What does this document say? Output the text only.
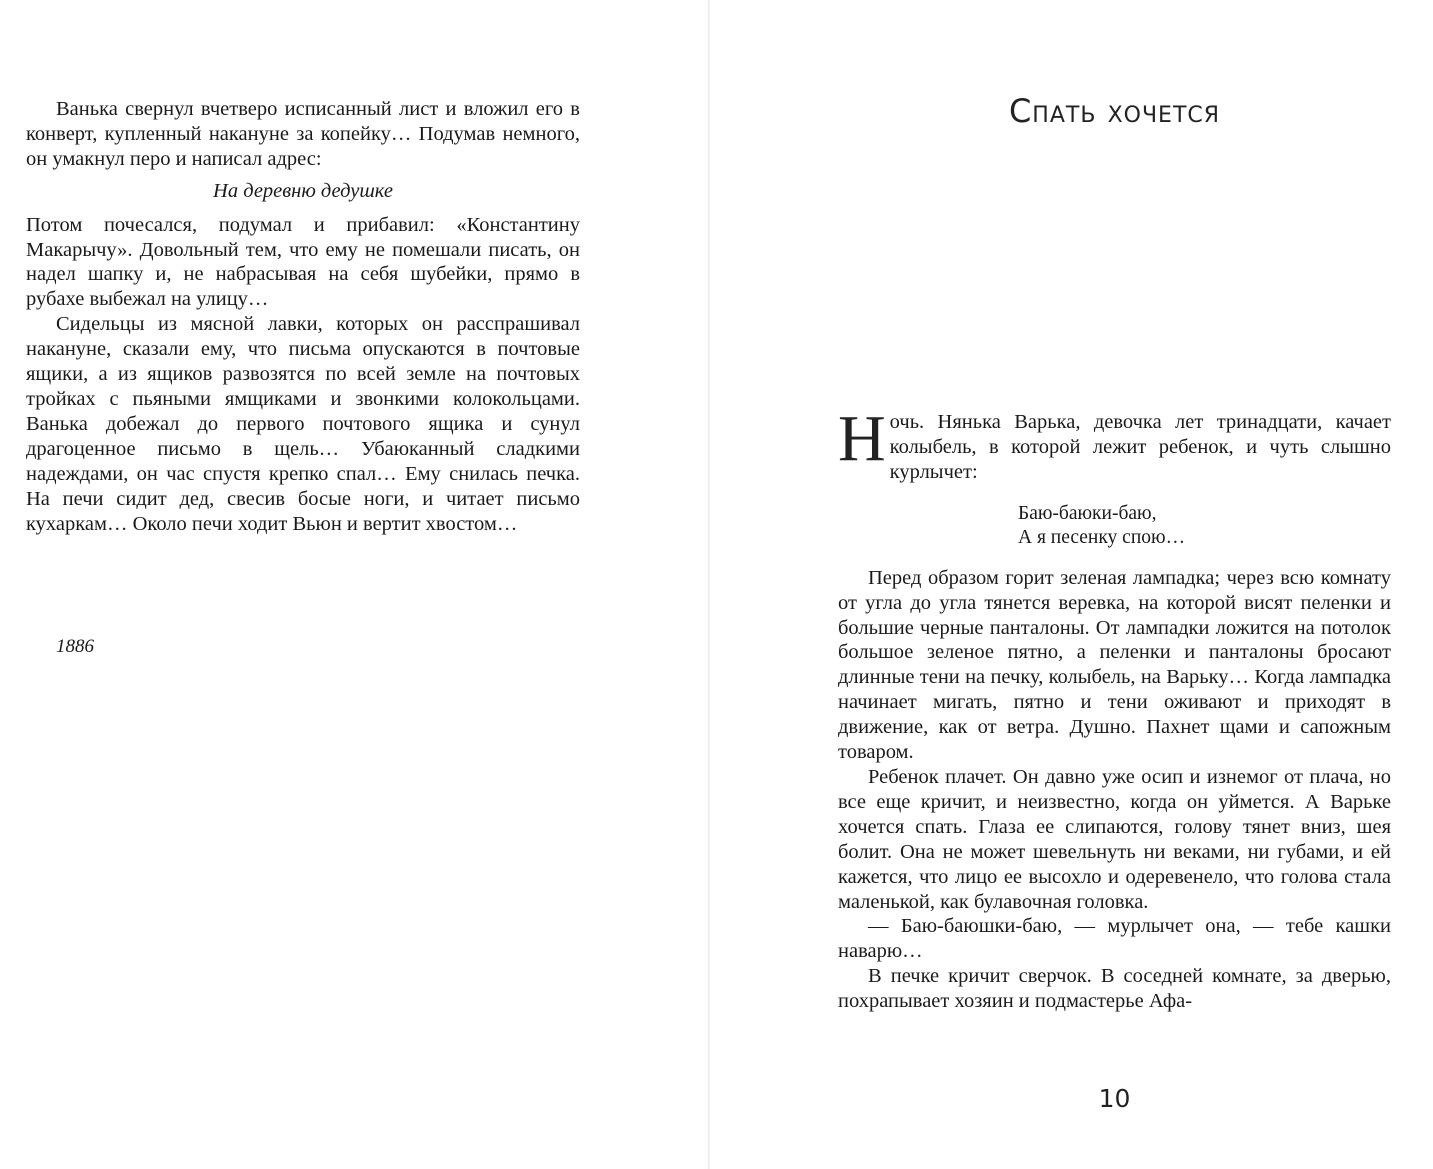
Ванька свернул вчетверо исписанный лист и вложил его в конверт, купленный накануне за копейку… Подумав немного, он умакнул перо и написал адрес:

На деревню дедушке

Потом почесался, подумал и прибавил: «Константину Макарычу». Довольный тем, что ему не помешали писать, он надел шапку и, не набрасывая на себя шубейки, прямо в рубахе выбежал на улицу…

Сидельцы из мясной лавки, которых он расспрашивал накануне, сказали ему, что письма опускаются в почтовые ящики, а из ящиков развозятся по всей земле на почтовых тройках с пьяными ямщиками и звонкими колокольцами. Ванька добежал до первого почтового ящика и сунул драгоценное письмо в щель… Убаюканный сладкими надеждами, он час спустя крепко спал… Ему снилась печка. На печи сидит дед, свесив босые ноги, и читает письмо кухаркам… Около печи ходит Вьюн и вертит хвостом…

1886
Спать хочется

Ночь. Нянька Варька, девочка лет тринадцати, качает колыбель, в которой лежит ребенок, и чуть слышно курлычет:

Баю-баюки-баю,
А я песенку спою…

Перед образом горит зеленая лампадка; через всю комнату от угла до угла тянется веревка, на которой висят пеленки и большие черные панталоны. От лампадки ложится на потолок большое зеленое пятно, а пеленки и панталоны бросают длинные тени на печку, колыбель, на Варьку… Когда лампадка начинает мигать, пятно и тени оживают и приходят в движение, как от ветра. Душно. Пахнет щами и сапожным товаром.

Ребенок плачет. Он давно уже осип и изнемог от плача, но все еще кричит, и неизвестно, когда он уймется. А Варьке хочется спать. Глаза ее слипаются, голову тянет вниз, шея болит. Она не может шевельнуть ни веками, ни губами, и ей кажется, что лицо ее высохло и одеревенело, что голова стала маленькой, как булавочная головка.

— Баю-баюшки-баю, — мурлычет она, — тебе кашки наварю…

В печке кричит сверчок. В соседней комнате, за дверью, похрапывает хозяин и подмастерье Афа-

10
